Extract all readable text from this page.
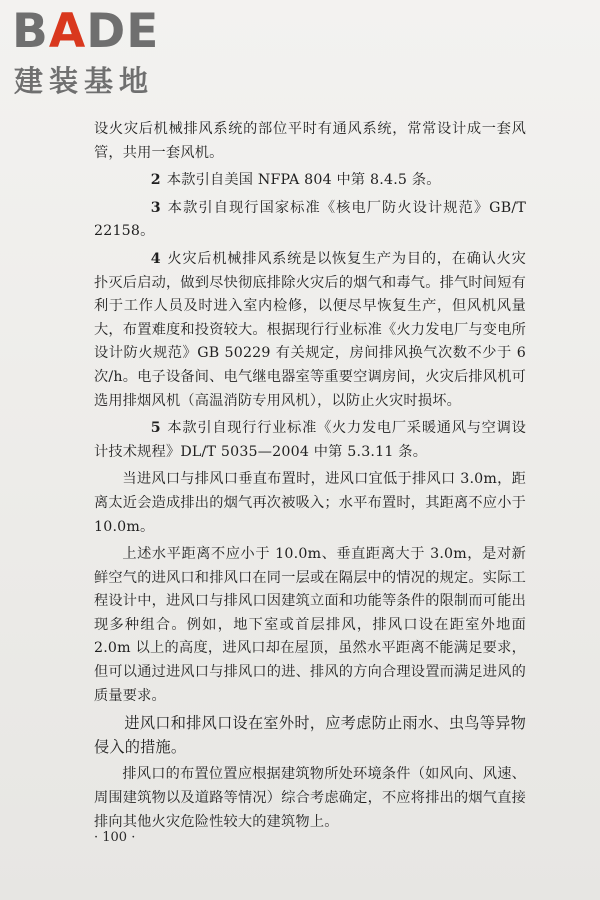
BADE
建装基地

设火灾后机械排风系统的部位平时有通风系统，常常设计成一套风管，共用一套风机。

2 本款引自美国 NFPA 804 中第 8.4.5 条。

3 本款引自现行国家标准《核电厂防火设计规范》GB/T 22158。

4 火灾后机械排风系统是以恢复生产为目的，在确认火灾扑灭后启动，做到尽快彻底排除火灾后的烟气和毒气。排气时间短有利于工作人员及时进入室内检修，以便尽早恢复生产，但风机风量大，布置难度和投资较大。根据现行行业标准《火力发电厂与变电所设计防火规范》GB 50229 有关规定，房间排风换气次数不少于 6 次/h。电子设备间、电气继电器室等重要空调房间，火灾后排风机可选用排烟风机（高温消防专用风机），以防止火灾时损坏。

5 本款引自现行行业标准《火力发电厂采暖通风与空调设计技术规程》DL/T 5035—2004 中第 5.3.11 条。

当进风口与排风口垂直布置时，进风口宜低于排风口 3.0m，距离太近会造成排出的烟气再次被吸入；水平布置时，其距离不应小于 10.0m。

上述水平距离不应小于 10.0m、垂直距离大于 3.0m，是对新鲜空气的进风口和排风口在同一层或在隔层中的情况的规定。实际工程设计中，进风口与排风口因建筑立面和功能等条件的限制而可能出现多种组合。例如，地下室或首层排风，排风口设在距室外地面 2.0m 以上的高度，进风口却在屋顶，虽然水平距离不能满足要求，但可以通过进风口与排风口的进、排风的方向合理设置而满足进风的质量要求。

进风口和排风口设在室外时，应考虑防止雨水、虫鸟等异物侵入的措施。

排风口的布置位置应根据建筑物所处环境条件（如风向、风速、周围建筑物以及道路等情况）综合考虑确定，不应将排出的烟气直接排向其他火灾危险性较大的建筑物上。

· 100 ·
